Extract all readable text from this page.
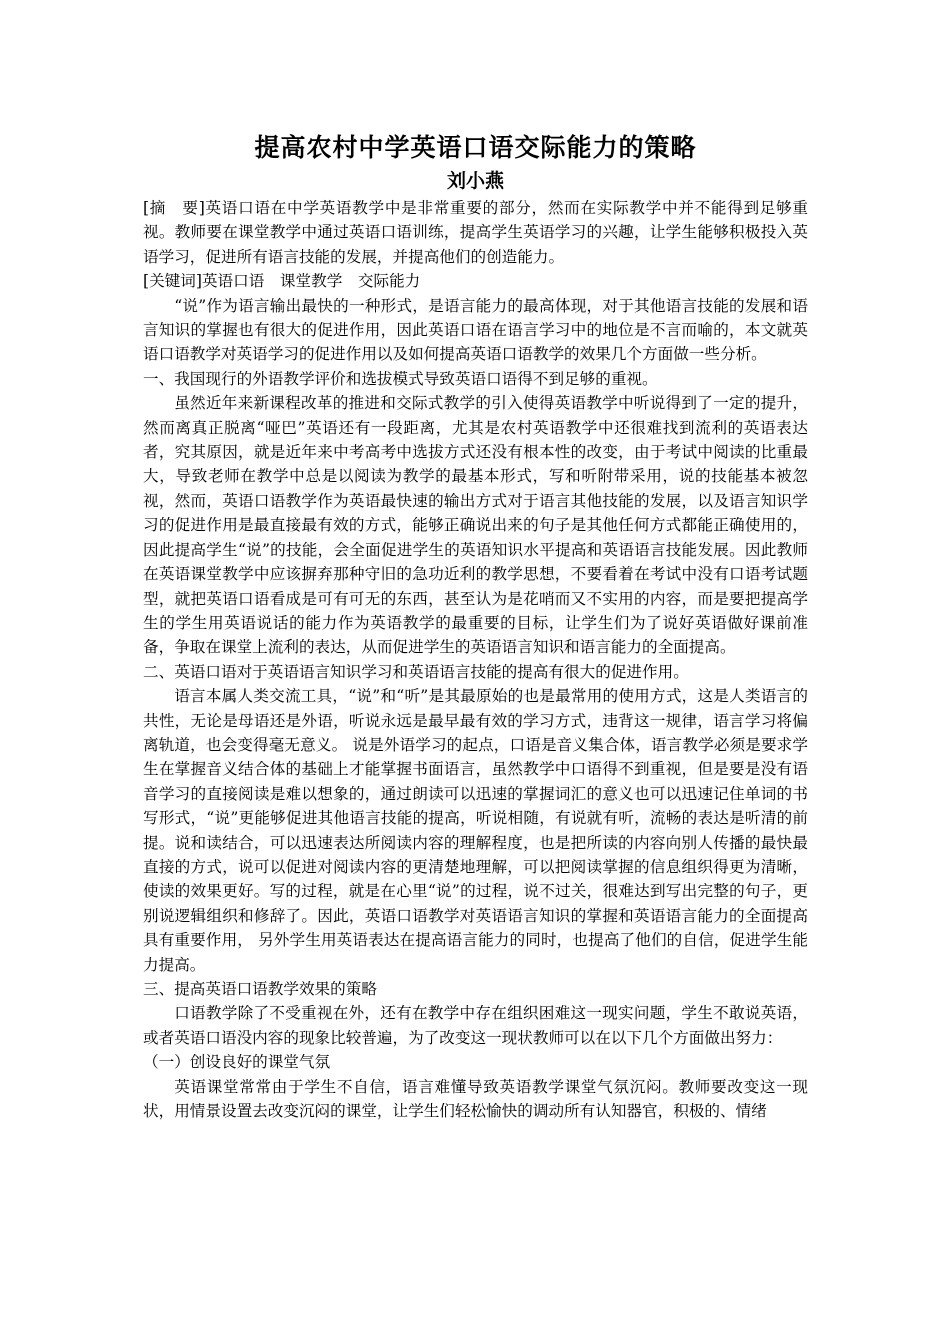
提高农村中学英语口语交际能力的策略
刘小燕

[摘　要]英语口语在中学英语教学中是非常重要的部分，然而在实际教学中并不能得到足够重视。教师要在课堂教学中通过英语口语训练，提高学生英语学习的兴趣，让学生能够积极投入英语学习，促进所有语言技能的发展，并提高他们的创造能力。

[关键词]英语口语　课堂教学　交际能力

“说”作为语言输出最快的一种形式，是语言能力的最高体现，对于其他语言技能的发展和语言知识的掌握也有很大的促进作用，因此英语口语在语言学习中的地位是不言而喻的，本文就英语口语教学对英语学习的促进作用以及如何提高英语口语教学的效果几个方面做一些分析。

一、我国现行的外语教学评价和选拔模式导致英语口语得不到足够的重视。

虽然近年来新课程改革的推进和交际式教学的引入使得英语教学中听说得到了一定的提升，然而离真正脱离“哑巴”英语还有一段距离，尤其是农村英语教学中还很难找到流利的英语表达者，究其原因，就是近年来中考高考中选拔方式还没有根本性的改变，由于考试中阅读的比重最大，导致老师在教学中总是以阅读为教学的最基本形式，写和听附带采用，说的技能基本被忽视，然而，英语口语教学作为英语最快速的输出方式对于语言其他技能的发展，以及语言知识学习的促进作用是最直接最有效的方式，能够正确说出来的句子是其他任何方式都能正确使用的，因此提高学生“说”的技能，会全面促进学生的英语知识水平提高和英语语言技能发展。因此教师在英语课堂教学中应该摒弃那种守旧的急功近利的教学思想，不要看着在考试中没有口语考试题型，就把英语口语看成是可有可无的东西，甚至认为是花哨而又不实用的内容，而是要把提高学生的学生用英语说话的能力作为英语教学的最重要的目标，让学生们为了说好英语做好课前准备，争取在课堂上流利的表达，从而促进学生的英语语言知识和语言能力的全面提高。

二、英语口语对于英语语言知识学习和英语语言技能的提高有很大的促进作用。

语言本属人类交流工具，“说”和“听”是其最原始的也是最常用的使用方式，这是人类语言的共性，无论是母语还是外语，听说永远是最早最有效的学习方式，违背这一规律，语言学习将偏离轨道，也会变得毫无意义。 说是外语学习的起点，口语是音义集合体，语言教学必须是要求学生在掌握音义结合体的基础上才能掌握书面语言，虽然教学中口语得不到重视，但是要是没有语音学习的直接阅读是难以想象的，通过朗读可以迅速的掌握词汇的意义也可以迅速记住单词的书写形式，“说”更能够促进其他语言技能的提高，听说相随，有说就有听，流畅的表达是听清的前提。说和读结合，可以迅速表达所阅读内容的理解程度，也是把所读的内容向别人传播的最快最直接的方式，说可以促进对阅读内容的更清楚地理解，可以把阅读掌握的信息组织得更为清晰，使读的效果更好。写的过程，就是在心里“说”的过程，说不过关，很难达到写出完整的句子，更别说逻辑组织和修辞了。因此，英语口语教学对英语语言知识的掌握和英语语言能力的全面提高具有重要作用， 另外学生用英语表达在提高语言能力的同时，也提高了他们的自信，促进学生能力提高。

三、提高英语口语教学效果的策略

口语教学除了不受重视在外，还有在教学中存在组织困难这一现实问题，学生不敢说英语，或者英语口语没内容的现象比较普遍，为了改变这一现状教师可以在以下几个方面做出努力：

（一）创设良好的课堂气氛

英语课堂常常由于学生不自信，语言难懂导致英语教学课堂气氛沉闷。教师要改变这一现状，用情景设置去改变沉闷的课堂，让学生们轻松愉快的调动所有认知器官，积极的、情绪
